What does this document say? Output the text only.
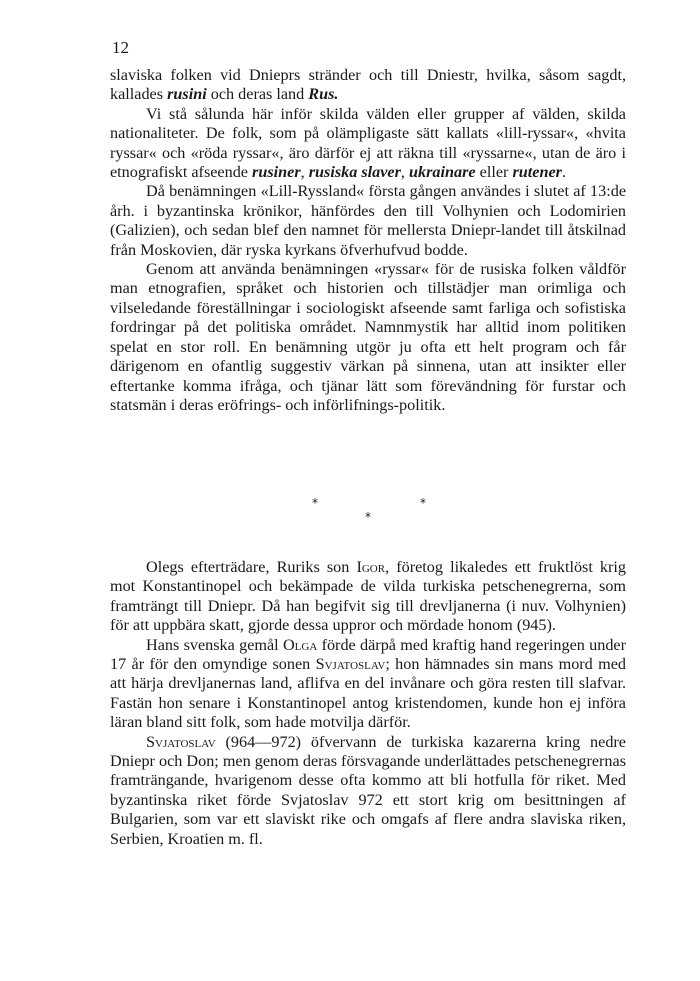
12

slaviska folken vid Dnieprs stränder och till Dniestr, hvilka, såsom sagdt, kallades rusini och deras land Rus.

Vi stå sålunda här inför skilda välden eller grupper af välden, skilda nationaliteter. De folk, som på olämpligaste sätt kallats «lill-ryssar«, «hvita ryssar« och «röda ryssar«, äro därför ej att räkna till «ryssarne«, utan de äro i etnografiskt afseende rusiner, rusiska slaver, ukrainare eller rutener.

Då benämningen «Lill-Ryssland« första gången användes i slutet af 13:de årh. i byzantinska krönikor, hänfördes den till Volhynien och Lodomirien (Galizien), och sedan blef den namnet för mellersta Dniepr-landet till åtskilnad från Moskovien, där ryska kyrkans öfverhufvud bodde.

Genom att använda benämningen «ryssar« för de rusiska folken våldför man etnografien, språket och historien och tillstädjer man orimliga och vilseledande föreställningar i sociologiskt afseende samt farliga och sofistiska fordringar på det politiska området. Namnmystik har alltid inom politiken spelat en stor roll. En benämning utgör ju ofta ett helt program och får därigenom en ofantlig suggestiv värkan på sinnena, utan att insikter eller eftertanke komma ifråga, och tjänar lätt som förevändning för furstar och statsmän i deras eröfrings- och införlifnings-politik.

*	*
*

Olegs efterträdare, Ruriks son Igor, företog likaledes ett fruktlöst krig mot Konstantinopel och bekämpade de vilda turkiska petschenegrerna, som framträngt till Dniepr. Då han begifvit sig till drevljanerna (i nuv. Volhynien) för att uppbära skatt, gjorde dessa uppror och mördade honom (945).

Hans svenska gemål Olga förde därpå med kraftig hand regeringen under 17 år för den omyndige sonen Svjatoslav; hon hämnades sin mans mord med att härja drevljanernas land, aflifva en del invånare och göra resten till slafvar. Fastän hon senare i Konstantinopel antog kristendomen, kunde hon ej införa läran bland sitt folk, som hade motvilja därför.

Svjatoslav (964—972) öfvervann de turkiska kazarerna kring nedre Dniepr och Don; men genom deras försvagande underlättades petschenegrernas framträngande, hvarigenom desse ofta kommo att bli hotfulla för riket. Med byzantinska riket förde Svjatoslav 972 ett stort krig om besittningen af Bulgarien, som var ett slaviskt rike och omgafs af flere andra slaviska riken, Serbien, Kroatien m. fl.
